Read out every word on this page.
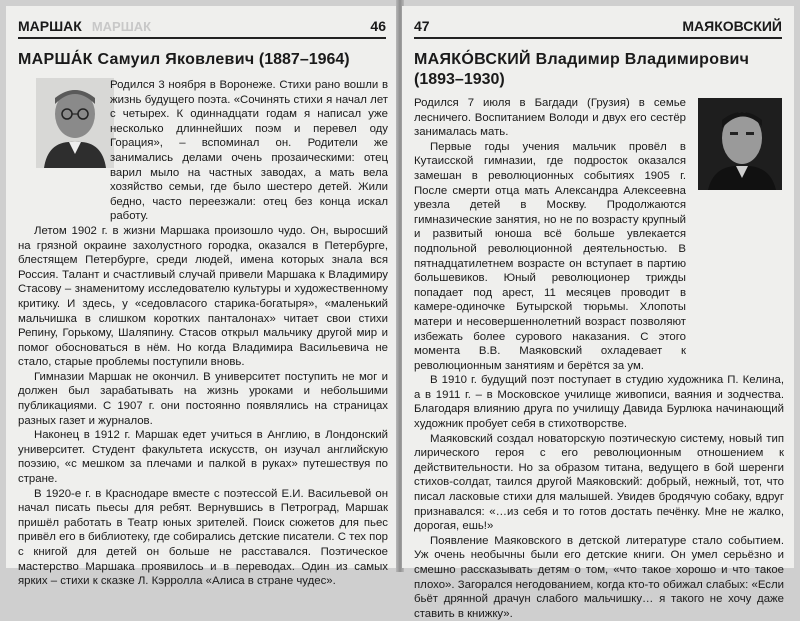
МАРШАК МАРШАК	46
МАРША́К Самуил Яковлевич (1887–1964)

Родился 3 ноября в Воронеже. Стихи рано вошли в жизнь будущего поэта. «Сочинять стихи я начал лет с четырех. К одиннадцати годам я написал уже несколько длиннейших поэм и перевел оду Горация», – вспоминал он. Родители же занимались делами очень прозаическими: отец варил мыло на частных заводах, а мать вела хозяйство семьи, где было шестеро детей. Жили бедно, часто переезжали: отец без конца искал работу.

Летом 1902 г. в жизни Маршака произошло чудо. Он, выросший на грязной окраине захолустного городка, оказался в Петербурге, блестящем Петербурге, среди людей, имена которых знала вся Россия. Талант и счастливый случай привели Маршака к Владимиру Стасову – знаменитому исследователю культуры и художественному критику. И здесь, у «седовласого старика-богатыря», «маленький мальчишка в слишком коротких панталонах» читает свои стихи Репину, Горькому, Шаляпину. Стасов открыл мальчику другой мир и помог обосноваться в нём. Но когда Владимира Васильевича не стало, старые проблемы поступили вновь.

Гимназии Маршак не окончил. В университет поступить не мог и должен был зарабатывать на жизнь уроками и небольшими публикациями. С 1907 г. они постоянно появлялись на страницах разных газет и журналов.

Наконец в 1912 г. Маршак едет учиться в Англию, в Лондонский университет. Студент факультета искусств, он изучал английскую поэзию, «с мешком за плечами и палкой в руках» путешествуя по стране.

В 1920-е г. в Краснодаре вместе с поэтессой Е.И. Васильевой он начал писать пьесы для ребят. Вернувшись в Петроград, Маршак пришёл работать в Театр юных зрителей. Поиск сюжетов для пьес привёл его в библиотеку, где собирались детские писатели. С тех пор с книгой для детей он больше не расставался. Поэтическое мастерство Маршака проявилось и в переводах. Один из самых ярких – стихи к сказке Л. Кэрролла «Алиса в стране чудес».

47	МАЯКОВСКИЙ
МАЯКО́ВСКИЙ Владимир Владимирович
(1893–1930)

Родился 7 июля в Багдади (Грузия) в семье лесничего. Воспитанием Володи и двух его сестёр занималась мать.

Первые годы учения мальчик провёл в Кутаисской гимназии, где подросток оказался замешан в революционных событиях 1905 г. После смерти отца мать Александра Алексеевна увезла детей в Москву. Продолжаются гимназические занятия, но не по возрасту крупный и развитый юноша всё больше увлекается подпольной революционной деятельностью. В пятнадцатилетнем возрасте он вступает в партию большевиков. Юный революционер трижды попадает под арест, 11 месяцев проводит в камере-одиночке Бутырской тюрьмы. Хлопоты матери и несовершеннолетний возраст позволяют избежать более сурового наказания. С этого момента В.В. Маяковский охладевает к революционным занятиям и берётся за ум.

В 1910 г. будущий поэт поступает в студию художника П. Келина, а в 1911 г. – в Московское училище живописи, ваяния и зодчества. Благодаря влиянию друга по училищу Давида Бурлюка начинающий художник пробует себя в стихотворстве.

Маяковский создал новаторскую поэтическую систему, новый тип лирического героя с его революционным отношением к действительности. Но за образом титана, ведущего в бой шеренги стихов-солдат, таился другой Маяковский: добрый, нежный, тот, что писал ласковые стихи для малышей. Увидев бродячую собаку, вдруг признавался: «…из себя и то готов достать печёнку. Мне не жалко, дорогая, ешь!»

Появление Маяковского в детской литературе стало событием. Уж очень необычны были его детские книги. Он умел серьёзно и смешно рассказывать детям о том, «что такое хорошо и что такое плохо». Загорался негодованием, когда кто-то обижал слабых: «Если бьёт дрянной драчун слабого мальчишку… я такого не хочу даже ставить в книжку».
